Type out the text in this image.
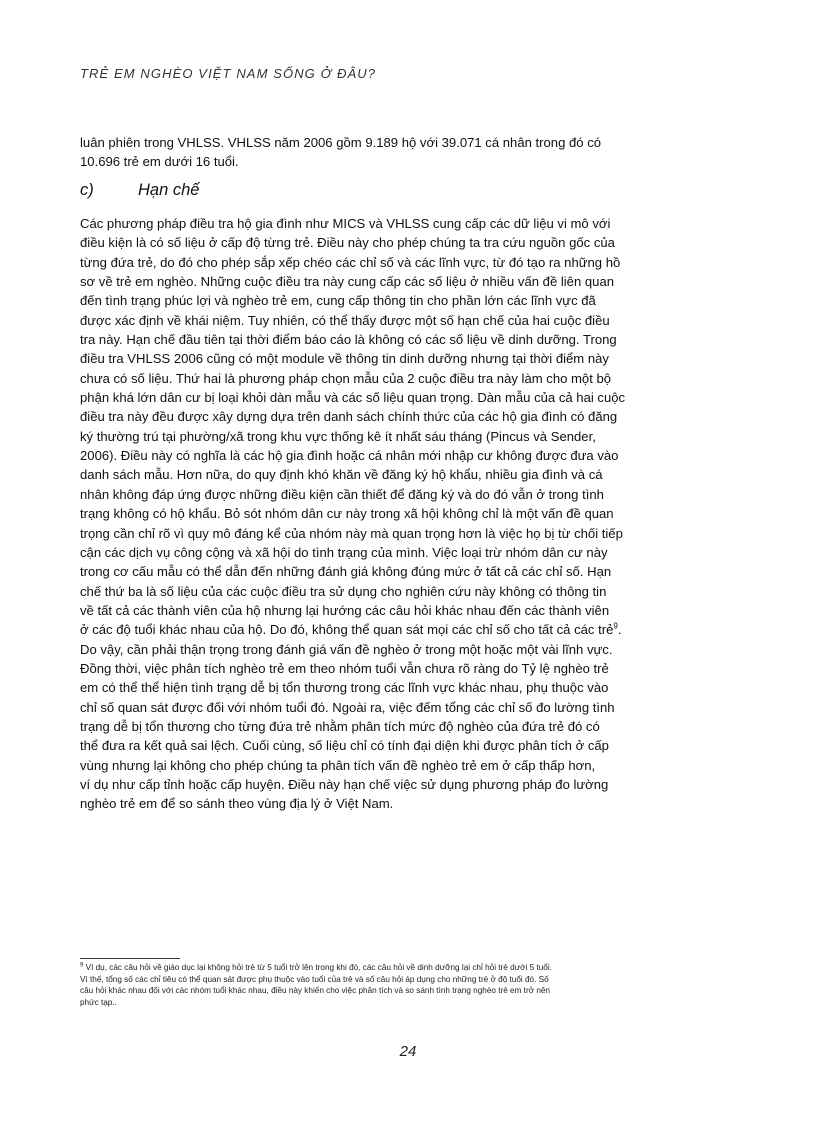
TRẺ EM NGHÈO VIỆT NAM SỐNG Ở ĐÂU?
luân phiên trong VHLSS. VHLSS năm 2006 gồm 9.189 hộ với 39.071 cá nhân trong đó có
10.696 trẻ em dưới 16 tuổi.
c)	Hạn chế
Các phương pháp điều tra hộ gia đình như MICS và VHLSS cung cấp các dữ liệu vi mô với
điều kiện là có số liệu ở cấp độ từng trẻ. Điều này cho phép chúng ta tra cứu nguồn gốc của
từng đứa trẻ, do đó cho phép sắp xếp chéo các chỉ số và các lĩnh vực, từ đó tạo ra những hồ
sơ về trẻ em nghèo. Những cuộc điều tra này cung cấp các số liệu ở nhiều vấn đề liên quan
đến tình trạng phúc lợi và nghèo trẻ em, cung cấp thông tin cho phần lớn các lĩnh vực đã
được xác định về khái niệm. Tuy nhiên, có thể thấy được một số hạn chế của hai cuộc điều
tra này. Hạn chế đầu tiên tại thời điểm báo cáo là không có các số liệu về dinh dưỡng. Trong
điều tra VHLSS 2006 cũng có một module về thông tin dinh dưỡng nhưng tại thời điểm này
chưa có số liệu. Thứ hai là phương pháp chọn mẫu của 2 cuộc điều tra này làm cho một bộ
phận khá lớn dân cư bị loại khỏi dàn mẫu và các số liệu quan trọng. Dàn mẫu của cả hai cuộc
điều tra này đều được xây dựng dựa trên danh sách chính thức của các hộ gia đình có đăng
ký thường trú tại phường/xã trong khu vực thống kê ít nhất sáu tháng (Pincus và Sender,
2006). Điều này có nghĩa là các hộ gia đình hoặc cá nhân mới nhập cư không được đưa vào
danh sách mẫu. Hơn nữa, do quy định khó khăn về đăng ký hộ khẩu, nhiều gia đình và cá
nhân không đáp ứng được những điều kiện cần thiết để đăng ký và do đó vẫn ở trong tình
trạng không có hộ khẩu. Bỏ sót nhóm dân cư này trong xã hội không chỉ là một vấn đề quan
trọng cần chỉ rõ vì quy mô đáng kể của nhóm này mà quan trọng hơn là việc họ bị từ chối tiếp
cận các dịch vụ công cộng và xã hội do tình trạng của mình. Việc loại trừ nhóm dân cư này
trong cơ cấu mẫu có thể dẫn đến những đánh giá không đúng mức ở tất cả các chỉ số. Hạn
chế thứ ba là số liệu của các cuộc điều tra sử dụng cho nghiên cứu này không có thông tin
về tất cả các thành viên của hộ nhưng lại hướng các câu hỏi khác nhau đến các thành viên
ở các độ tuổi khác nhau của hộ. Do đó, không thể quan sát mọi các chỉ số cho tất cả các trẻ$^9$.
Do vậy, cần phải thận trọng trong đánh giá vấn đề nghèo ở trong một hoặc một vài lĩnh vực.
Đồng thời, việc phân tích nghèo trẻ em theo nhóm tuổi vẫn chưa rõ ràng do Tỷ lệ nghèo trẻ
em có thể thể hiện tình trạng dễ bị tổn thương trong các lĩnh vực khác nhau, phụ thuộc vào
chỉ số quan sát được đối với nhóm tuổi đó. Ngoài ra, việc đếm tổng các chỉ số đo lường tình
trạng dễ bị tổn thương cho từng đứa trẻ nhằm phân tích mức độ nghèo của đứa trẻ đó có
thể đưa ra kết quả sai lệch. Cuối cùng, số liệu chỉ có tính đại diện khi được phân tích ở cấp
vùng nhưng lại không cho phép chúng ta phân tích vấn đề nghèo trẻ em ở cấp thấp hơn,
ví dụ như cấp tỉnh hoặc cấp huyện. Điều này hạn chế việc sử dụng phương pháp đo lường
nghèo trẻ em để so sánh theo vùng địa lý ở Việt Nam.
$^9$ Ví dụ, các câu hỏi về giáo dục lại không hỏi trẻ từ 5 tuổi trở lên trong khi đó, các câu hỏi về dinh dưỡng lại chỉ hỏi trẻ dưới 5 tuổi.
Vì thế, tổng số các chỉ tiêu có thể quan sát được phụ thuộc vào tuổi của trẻ và số câu hỏi áp dụng cho những trẻ ở độ tuổi đó. Số
câu hỏi khác nhau đối với các nhóm tuổi khác nhau, điều này khiến cho việc phân tích và so sánh tình trạng nghèo trẻ em trở nên
phức tạp..
24
